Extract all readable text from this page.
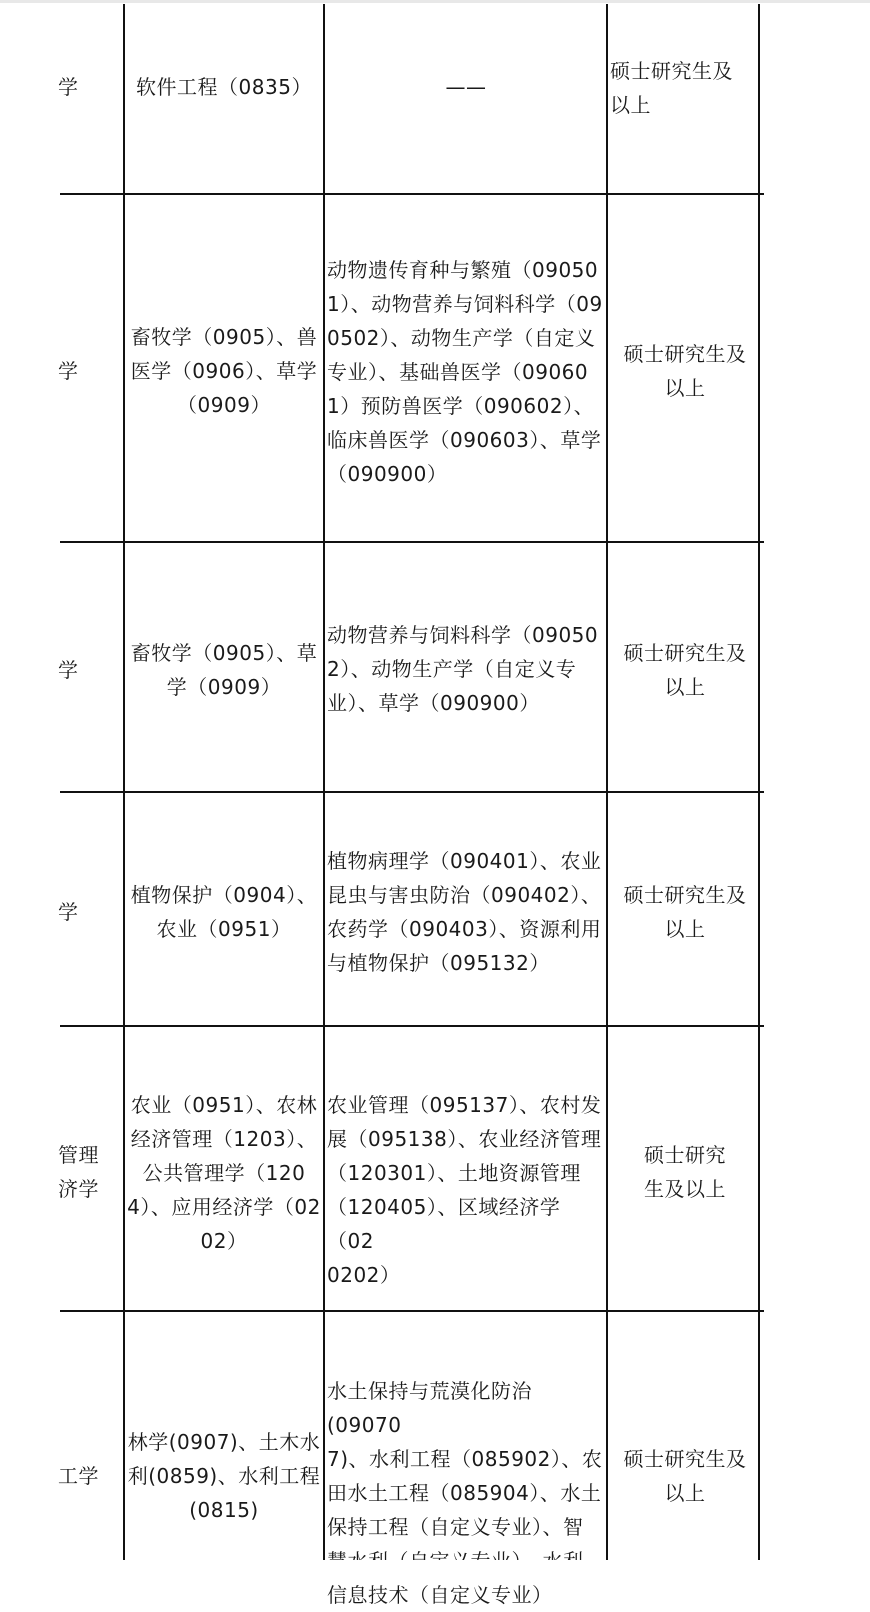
学	软件工程（0835）	——
硕士研究生及
以上
学
畜牧学（0905）、兽
医学（0906）、草学
（0909）
动物遗传育种与繁殖（09050
1）、动物营养与饲料科学（09
0502）、动物生产学（自定义
专业）、基础兽医学（09060
1）预防兽医学（090602）、
临床兽医学（090603）、草学
（090900）
硕士研究生及
以上
学
畜牧学（0905）、草
学（0909）
动物营养与饲料科学（09050
2）、动物生产学（自定义专
业）、草学（090900）
硕士研究生及
以上
学
植物保护（0904）、
农业（0951）
植物病理学（090401）、农业
昆虫与害虫防治（090402）、
农药学（090403）、资源利用
与植物保护（095132）
硕士研究生及
以上
管理
济学
农业（0951）、农林
经济管理（1203）、
公共管理学（120
4）、应用经济学（02
02）
农业管理（095137）、农村发
展（095138）、农业经济管理
（120301）、土地资源管理
（120405）、区域经济学（02
0202）
硕士研究
生及以上
工学
林学(0907)、土木水
利(0859)、水利工程
(0815)
水土保持与荒漠化防治(09070
7)、水利工程（085902）、农
田水土工程（085904）、水土
保持工程（自定义专业）、智

信息技术（自定义专业）
硕士研究生及
以上
